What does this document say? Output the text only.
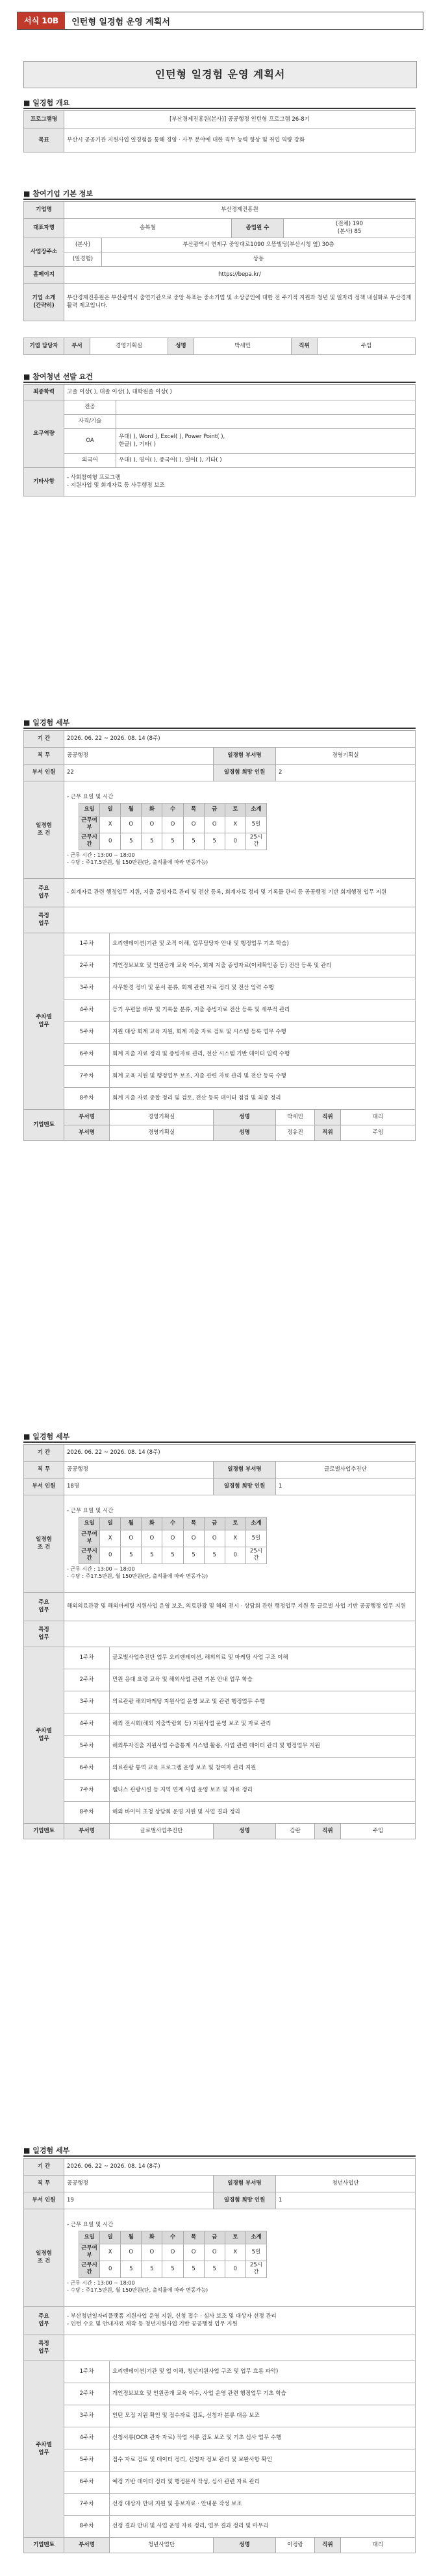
서식 10B	인턴형 일경험 운영 계획서
인턴형 일경험 운영 계획서
■ 일경험 개요
프로그램명	[부산경제진흥원(본사)] 공공행정 인턴형 프로그램 26-8기
목표	부산시 공공기관 지원사업 일경험을 통해 경영 · 사무 분야에 대한 직무 능력 향상 및 취업 역량 강화
■ 참여기업 기본 정보
기업명	부산경제진흥원			
대표자명	송복철		종업원 수	(전체) 190
(본사) 85
사업장주소	(본사)	부산광역시 연제구 중앙대로1090 으뜸빌딩(부산시청 옆) 30층		
	(일경험)	상동		
홈페이지	https://bepa.kr/			
기업 소개
(간략히)	부산경제진흥원은 부산광역시 출연기관으로 중앙 목표는 중소기업 및 소상공인에 대한 전 주기적 지원과 청년 및 일자리 정책 내실화로 부산경제 활력 제고입니다.			
기업 담당자	부서	경영기획실	성명	박세민	직위	주임
■ 참여청년 선발 요건
최종학력	고졸 이상( ), 대졸 이상( ), 대학원졸 이상( )	
요구역량	전공	
	자격/기술	
	OA	우대( ), Word ), Excel( ), Power Point( ),
한글( ), 기타( )

	외국어	우대( ), 영어( ), 중국어( ), 일어( ), 기타( )
기타사항	- 사회참여형 프로그램
- 지원사업 및 회계자료 등 사무행정 보조	
■ 일경험 세부
기 간	2026. 06. 22 ~ 2026. 08. 14 (8주)
직 무	공공행정	일경험 부서명	경영기획실
부서 인원	22	일경험 희망 인원	2
일경험
조 건	
- 근무 요일 및 시간
요일	일	월	화	수	목	금	토	소계
근무여부	X	O	O	O	O	O	X	5일
근무시간	0	5	5	5	5	5	0	25시간
- 근무 시간 : 13:00 ~ 18:00
- 수당 : 주17.5만원, 월 150만원(단, 출석률에 따라 변동가능)

주요
업무	- 회계자료 관련 행정업무 지원, 지출 증빙자료 관리 및 전산 등록, 회계자료 정리 및 기록물 관리 등 공공행정 기반 회계행정 업무 지원
특정
업무	
주차별
업무	1주차	오리엔테이션(기관 및 조직 이해, 업무담당자 안내 및 행정업무 기초 학습)
2주차	개인정보보호 및 인원공개 교육 이수, 회계 지출 증빙자료(이체확인증 등) 전산 등록 및 관리
3주차	사무환경 정비 및 문서 분류, 회계 관련 자료 정리 및 전산 입력 수행
4주차	등기 우편물 배부 및 기록물 분류, 지출 증빙자료 전산 등록 및 세부적 관리
5주차	지원 대상 회계 교육 지원, 회계 지출 자료 검토 및 시스템 등록 업무 수행
6주차	회계 지출 자료 정리 및 증빙자료 관리, 전산 시스템 기반 데이터 입력 수행
7주차	회계 교육 지원 및 행정업무 보조, 지출 관련 자료 관리 및 전산 등록 수행
8주차	회계 지출 자료 종합 정리 및 검토, 전산 등록 데이터 점검 및 최종 정리
기업멘토	부서명	경영기획실	성명	박세민	직위	대리
부서명	경영기획실	성명	정유진	직위	주임
■ 일경험 세부
기 간	2026. 06. 22 ~ 2026. 08. 14 (8주)
직 무	공공행정	일경험 부서명	글로벌사업추진단
부서 인원	18명	일경험 희망 인원	1
일경험
조 건	
- 근무 요일 및 시간
요일	일	월	화	수	목	금	토	소계
근무여부	X	O	O	O	O	O	X	5일
근무시간	0	5	5	5	5	5	0	25시간
- 근무 시간 : 13:00 ~ 18:00
- 수당 : 주17.5만원, 월 150만원(단, 출석률에 따라 변동가능)

주요
업무	해외의료관광 및 해외마케팅 지원사업 운영 보조, 의료관광 및 해외 전시 · 상담회 관련 행정업무 지원 등 글로벌 사업 기반 공공행정 업무 지원
특정
업무	
주차별
업무	1주차	글로벌사업추진단 업무 오리엔테이션, 해외의료 및 마케팅 사업 구조 이해
2주차	민원 응대 요령 교육 및 해외사업 관련 기본 안내 업무 학습
3주차	의료관광 해외마케팅 지원사업 운영 보조 및 관련 행정업무 수행
4주차	해외 전시회(해외 지출박람회 등) 지원사업 운영 보조 및 자료 관리
5주차	해외투자진출 지원사업 수출통계 시스템 활용, 사업 관련 데이터 관리 및 행정업무 지원
6주차	의료관광 통역 교육 프로그램 운영 보조 및 참여자 관리 지원
7주차	웰니스 관광시설 등 지역 연계 사업 운영 보조 및 자료 정리
8주차	해외 바이어 초청 상담회 운영 지원 및 사업 결과 정리
기업멘토	부서명	글로벌사업추진단	성명	김란	직위	주임
■ 일경험 세부
기 간	2026. 06. 22 ~ 2026. 08. 14 (8주)
직 무	공공행정	일경험 부서명	청년사업단
부서 인원	19	일경험 희망 인원	1
일경험
조 건	
- 근무 요일 및 시간
요일	일	월	화	수	목	금	토	소계
근무여부	X	O	O	O	O	O	X	5일
근무시간	0	5	5	5	5	5	0	25시간
- 근무 시간 : 13:00 ~ 18:00
- 수당 : 주17.5만원, 월 150만원(단, 출석률에 따라 변동가능)

주요
업무	- 부산청년일자리플랫폼 지원사업 운영 지원, 신청 접수 · 심사 보조 및 대상자 선정 관리
- 인턴 수요 및 안내자료 제작 등 청년지원사업 기반 공공행정 업무 지원
특정
업무	
주차별
업무	1주차	오리엔테이션(기관 및 업 이해, 청년지원사업 구조 및 업무 흐름 파악)
2주차	개인정보보호 및 인원공개 교육 이수, 사업 운영 관련 행정업무 기초 학습
3주차	인턴 모집 지원 확인 및 접수자료 검토, 신청자 분류 대응 보조
4주차	신청서류(OCR 관자 자료) 작업 서류 검토 보조 및 기초 심사 업무 수행
5주차	접수 자료 검토 및 데이터 정리, 신청자 정보 관리 및 보완사항 확인
6주차	예정 기반 데이터 정리 및 행정문서 작성, 심사 관련 자료 관리
7주차	선정 대상자 안내 지원 및 홍보자료 · 안내문 작성 보조
8주차	선정 결과 안내 및 사업 운영 자료 정리, 업무 결과 정리 및 마무리
기업멘토	부서명	청년사업단	성명	이정랑	직위	대리
